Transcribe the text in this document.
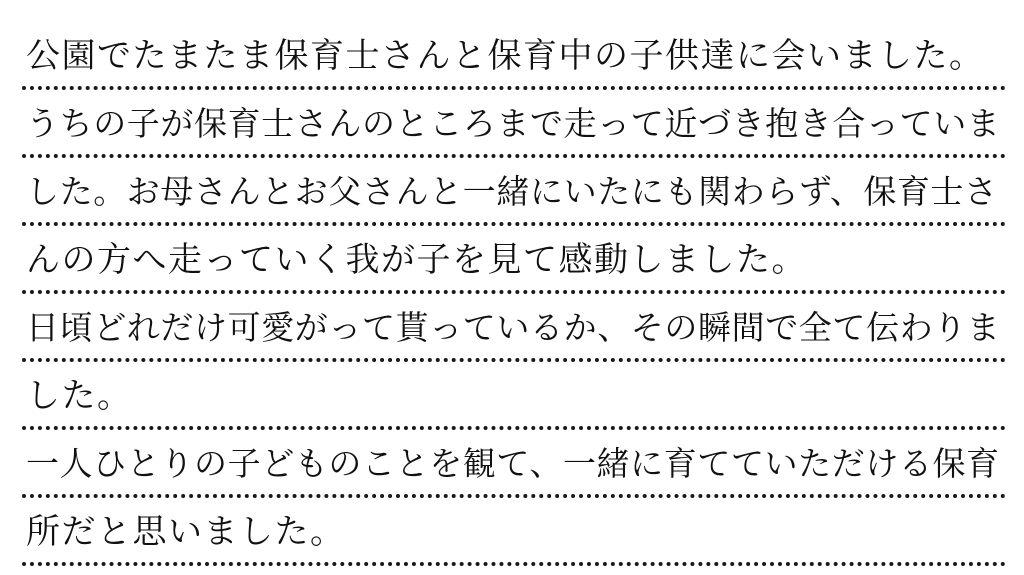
公園でたまたま保育士さんと保育中の子供達に会いました。
うちの子が保育士さんのところまで走って近づき抱き合っていま
した。お母さんとお父さんと一緒にいたにも関わらず、保育士さ
んの方へ走っていく我が子を見て感動しました。
日頃どれだけ可愛がって貰っているか、その瞬間で全て伝わりま
した。
一人ひとりの子どものことを観て、一緒に育てていただける保育
所だと思いました。
